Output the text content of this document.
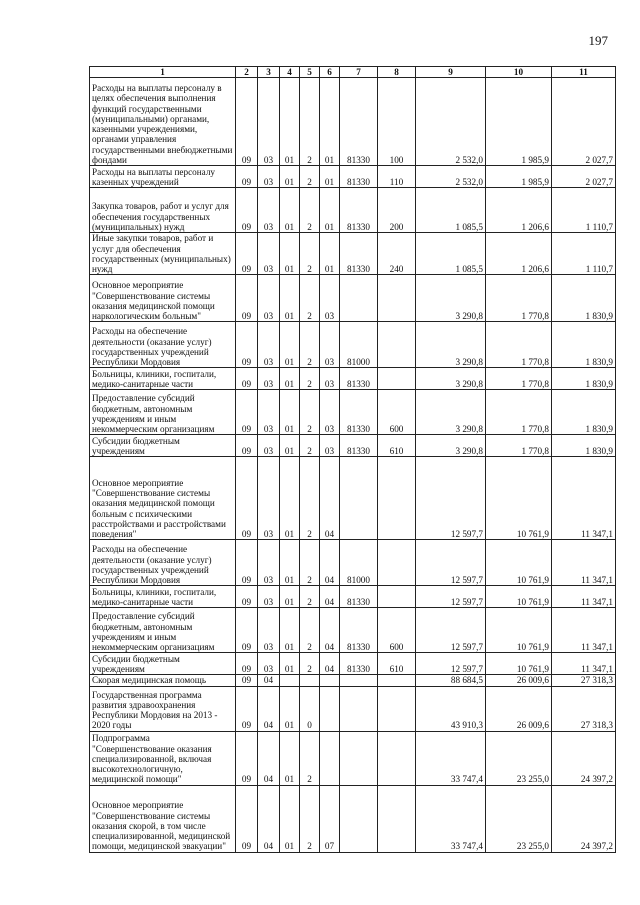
197
1	2	3	4	5	6	7	8	9	10	11
Расходы на выплаты персоналу в целях обеспечения выполнения функций государственными (муниципальными) органами, казенными учреждениями, органами управления государственными внебюджетными фондами	09	03	01	2	01	81330	100	2 532,0	1 985,9	2 027,7
Расходы на выплаты персоналу казенных учреждений	09	03	01	2	01	81330	110	2 532,0	1 985,9	2 027,7
Закупка товаров, работ и услуг для обеспечения государственных (муниципальных) нужд	09	03	01	2	01	81330	200	1 085,5	1 206,6	1 110,7
Иные закупки товаров, работ и услуг для обеспечения государственных (муниципальных) нужд	09	03	01	2	01	81330	240	1 085,5	1 206,6	1 110,7
Основное мероприятие "Совершенствование системы оказания медицинской помощи наркологическим больным"	09	03	01	2	03			3 290,8	1 770,8	1 830,9
Расходы на обеспечение деятельности (оказание услуг) государственных учреждений Республики Мордовия	09	03	01	2	03	81000		3 290,8	1 770,8	1 830,9
Больницы, клиники, госпитали, медико-санитарные части	09	03	01	2	03	81330		3 290,8	1 770,8	1 830,9
Предоставление субсидий бюджетным, автономным учреждениям и иным некоммерческим организациям	09	03	01	2	03	81330	600	3 290,8	1 770,8	1 830,9
Субсидии бюджетным учреждениям	09	03	01	2	03	81330	610	3 290,8	1 770,8	1 830,9
Основное мероприятие "Совершенствование системы оказания медицинской помощи больным с психическими расстройствами и расстройствами поведения"	09	03	01	2	04			12 597,7	10 761,9	11 347,1
Расходы на обеспечение деятельности (оказание услуг) государственных учреждений Республики Мордовия	09	03	01	2	04	81000		12 597,7	10 761,9	11 347,1
Больницы, клиники, госпитали, медико-санитарные части	09	03	01	2	04	81330		12 597,7	10 761,9	11 347,1
Предоставление субсидий бюджетным, автономным учреждениям и иным некоммерческим организациям	09	03	01	2	04	81330	600	12 597,7	10 761,9	11 347,1
Субсидии бюджетным учреждениям	09	03	01	2	04	81330	610	12 597,7	10 761,9	11 347,1
Скорая медицинская помощь	09	04						88 684,5	26 009,6	27 318,3
Государственная программа развития здравоохранения Республики Мордовия на 2013 - 2020 годы	09	04	01	0				43 910,3	26 009,6	27 318,3
Подпрограмма "Совершенствование оказания специализированной, включая высокотехнологичную, медицинской помощи"	09	04	01	2				33 747,4	23 255,0	24 397,2
Основное мероприятие "Совершенствование системы оказания скорой, в том числе специализированной, медицинской помощи, медицинской эвакуации"	09	04	01	2	07			33 747,4	23 255,0	24 397,2
